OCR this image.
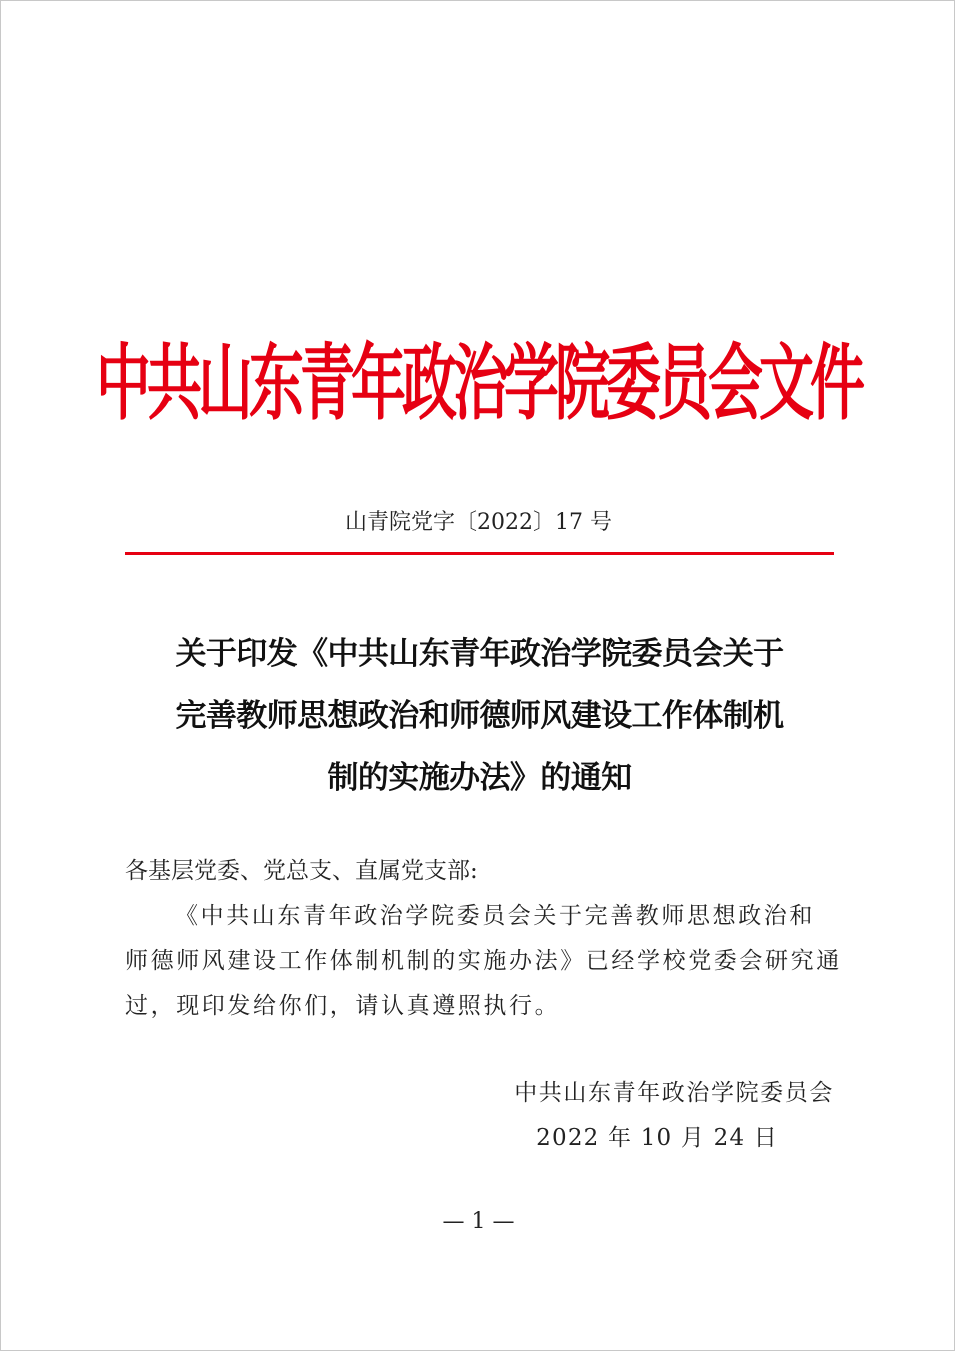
中共山东青年政治学院委员会文件
山青院党字〔2022〕17 号
关于印发《中共山东青年政治学院委员会关于
完善教师思想政治和师德师风建设工作体制机
制的实施办法》的通知
各基层党委、党总支、直属党支部:
《中共山东青年政治学院委员会关于完善教师思想政治和
师德师风建设工作体制机制的实施办法》已经学校党委会研究通
过，现印发给你们，请认真遵照执行。
中共山东青年政治学院委员会
2022 年 10 月 24 日
— 1 —
